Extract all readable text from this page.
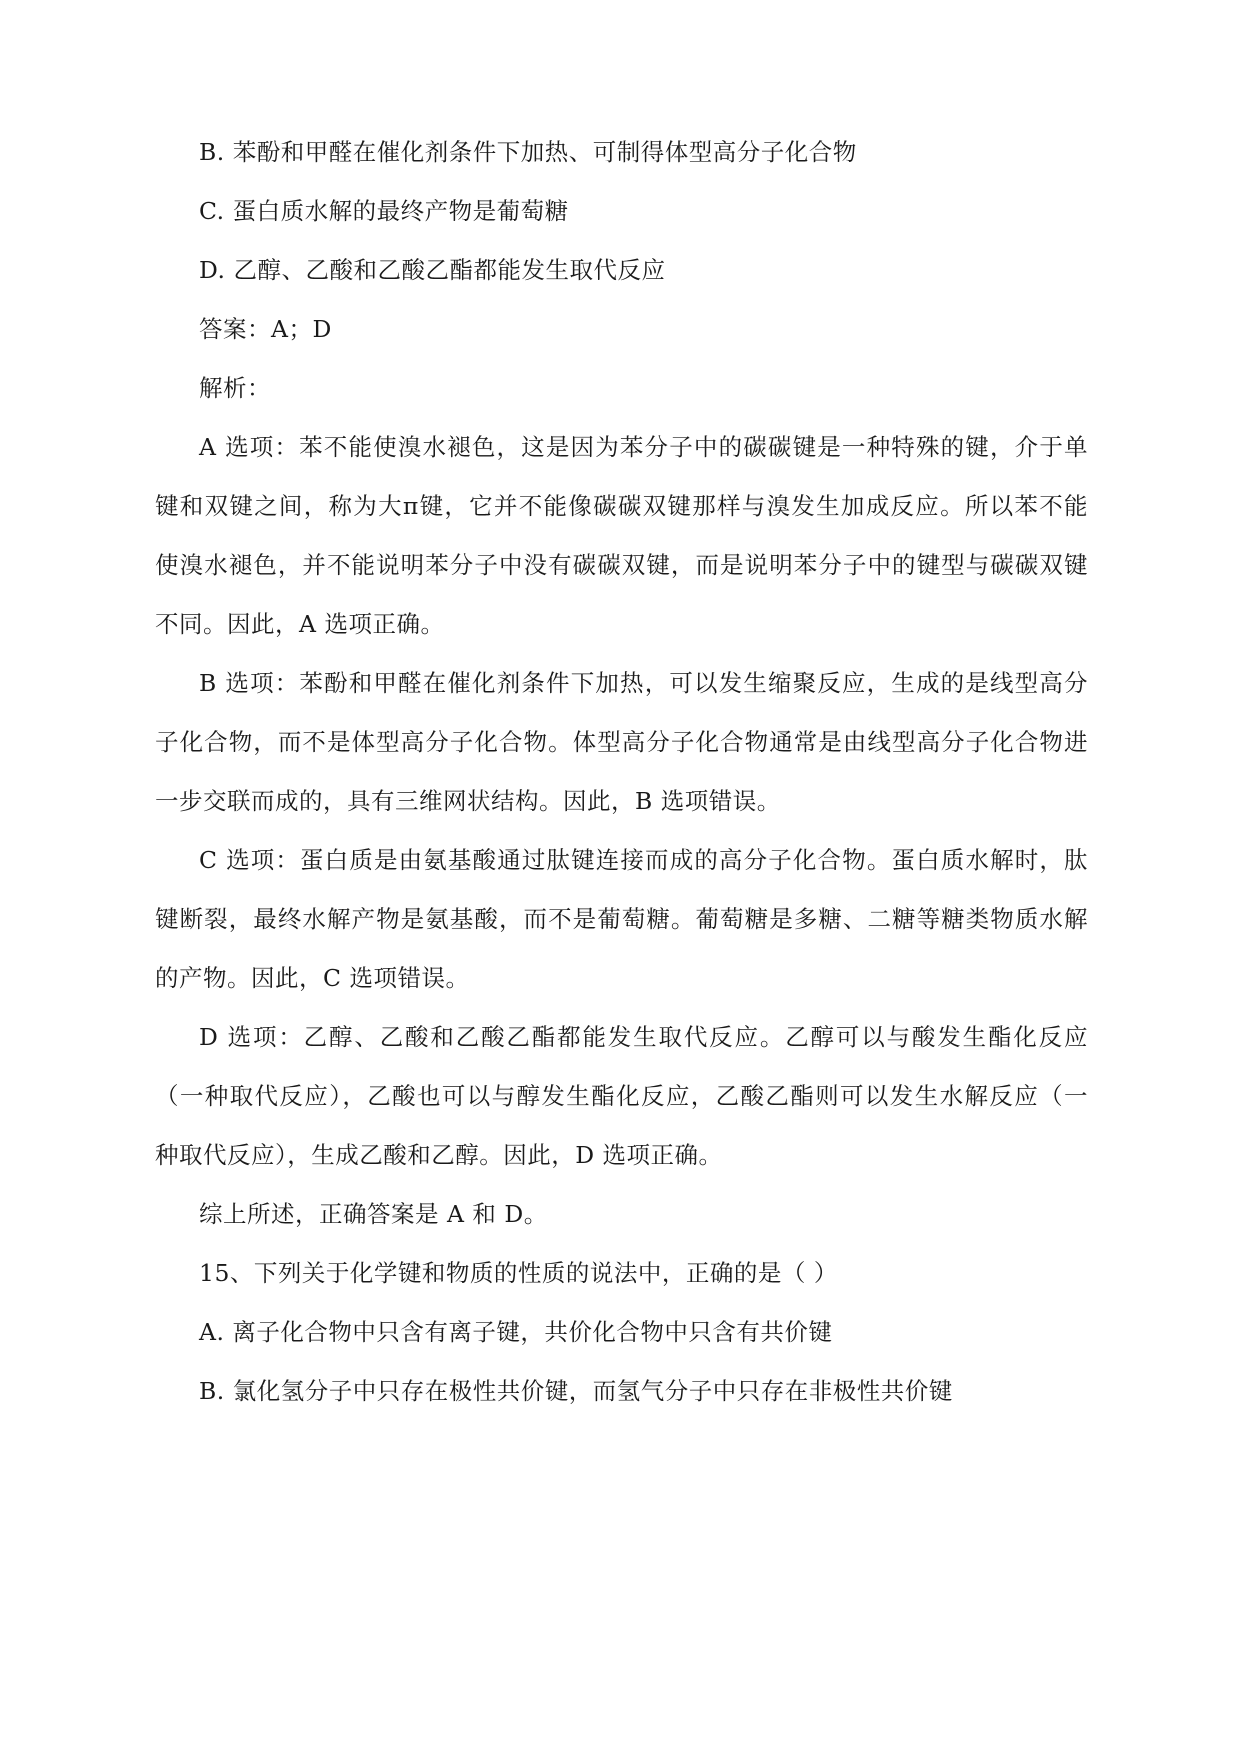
B. 苯酚和甲醛在催化剂条件下加热、可制得体型高分子化合物
C. 蛋白质水解的最终产物是葡萄糖
D. 乙醇、乙酸和乙酸乙酯都能发生取代反应
答案：A；D
解析：
A 选项：苯不能使溴水褪色，这是因为苯分子中的碳碳键是一种特殊的键，介于单
键和双键之间，称为大π键，它并不能像碳碳双键那样与溴发生加成反应。所以苯不能
使溴水褪色，并不能说明苯分子中没有碳碳双键，而是说明苯分子中的键型与碳碳双键
不同。因此，A 选项正确。
B 选项：苯酚和甲醛在催化剂条件下加热，可以发生缩聚反应，生成的是线型高分
子化合物，而不是体型高分子化合物。体型高分子化合物通常是由线型高分子化合物进
一步交联而成的，具有三维网状结构。因此，B 选项错误。
C 选项：蛋白质是由氨基酸通过肽键连接而成的高分子化合物。蛋白质水解时，肽
键断裂，最终水解产物是氨基酸，而不是葡萄糖。葡萄糖是多糖、二糖等糖类物质水解
的产物。因此，C 选项错误。
D 选项：乙醇、乙酸和乙酸乙酯都能发生取代反应。乙醇可以与酸发生酯化反应
（一种取代反应），乙酸也可以与醇发生酯化反应，乙酸乙酯则可以发生水解反应（一
种取代反应），生成乙酸和乙醇。因此，D 选项正确。
综上所述，正确答案是 A 和 D。
15、下列关于化学键和物质的性质的说法中，正确的是（ ）
A. 离子化合物中只含有离子键，共价化合物中只含有共价键
B. 氯化氢分子中只存在极性共价键，而氢气分子中只存在非极性共价键
